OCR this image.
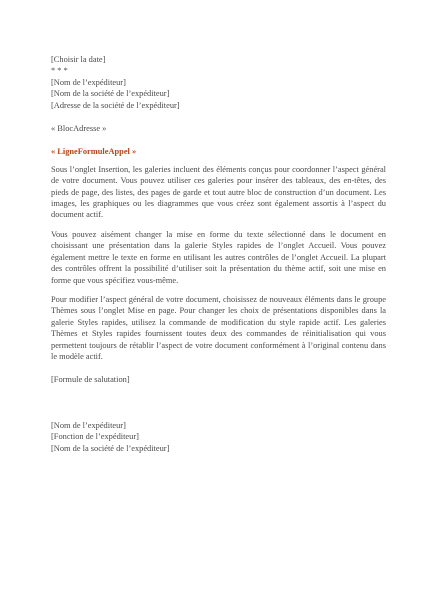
[Choisir la date]
* * *
[Nom de l’expéditeur]
[Nom de la société de l’expéditeur]
[Adresse de la société de l’expéditeur]
« BlocAdresse »
« LigneFormuleAppel »

Sous l’onglet Insertion, les galeries incluent des éléments conçus pour coordonner l’aspect général de votre document. Vous pouvez utiliser ces galeries pour insérer des tableaux, des en-têtes, des pieds de page, des listes, des pages de garde et tout autre bloc de construction d’un document. Les images, les graphiques ou les diagrammes que vous créez sont également assortis à l’aspect du document actif.

Vous pouvez aisément changer la mise en forme du texte sélectionné dans le document en choisissant une présentation dans la galerie Styles rapides de l’onglet Accueil. Vous pouvez également mettre le texte en forme en utilisant les autres contrôles de l’onglet Accueil. La plupart des contrôles offrent la possibilité d’utiliser soit la présentation du thème actif, soit une mise en forme que vous spécifiez vous-même.

Pour modifier l’aspect général de votre document, choisissez de nouveaux éléments dans le groupe Thèmes sous l’onglet Mise en page. Pour changer les choix de présentations disponibles dans la galerie Styles rapides, utilisez la commande de modification du style rapide actif. Les galeries Thèmes et Styles rapides fournissent toutes deux des commandes de réinitialisation qui vous permettent toujours de rétablir l’aspect de votre document conformément à l’original contenu dans le modèle actif.

[Formule de salutation]
[Nom de l’expéditeur]
[Fonction de l’expéditeur]
[Nom de la société de l’expéditeur]
